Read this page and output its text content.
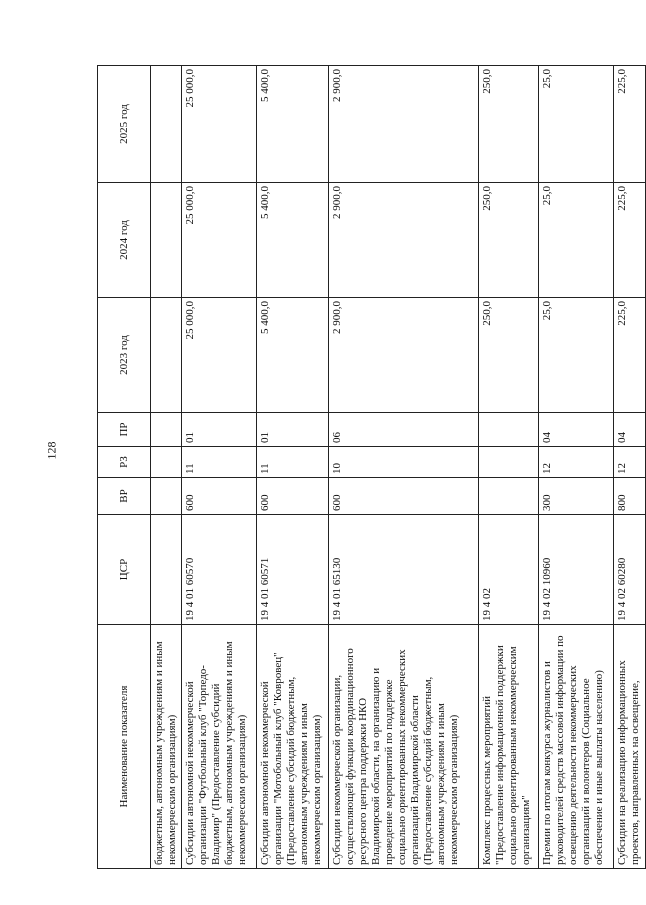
128
Наименование показателя	ЦСР	ВР	РЗ	ПР	2023 год	2024 год	2025 год
бюджетным, автономным учреждениям и иным некоммерческим организациям)							
Субсидии автономной некоммерческой организации "Футбольный клуб "Торпедо-Владимир" (Предоставление субсидий бюджетным, автономным учреждениям и иным некоммерческим организациям)	19 4 01 60570	600	11	01	25 000,0	25 000,0	25 000,0
Субсидии автономной некоммерческой организации "Мотобольный клуб "Ковровец" (Предоставление субсидий бюджетным, автономным учреждениям и иным некоммерческим организациям)	19 4 01 60571	600	11	01	5 400,0	5 400,0	5 400,0
Субсидии некоммерческой организации, осуществляющей функции координационного ресурсного центра поддержки НКО Владимирской области, на организацию и проведение мероприятий по поддержке социально ориентированных некоммерческих организаций Владимирской области (Предоставление субсидий бюджетным, автономным учреждениям и иным некоммерческим организациям)	19 4 01 65130	600	10	06	2 900,0	2 900,0	2 900,0
Комплекс процессных мероприятий "Предоставление информационной поддержки социально ориентированным некоммерческим организациям"	19 4 02				250,0	250,0	250,0
Премии по итогам конкурса журналистов и руководителей средств массовой информации по освещению деятельности некоммерческих организаций и волонтеров (Социальное обеспечение и иные выплаты населению)	19 4 02 10960	300	12	04	25,0	25,0	25,0
Субсидии на реализацию информационных проектов, направленных на освещение,	19 4 02 60280	800	12	04	225,0	225,0	225,0
